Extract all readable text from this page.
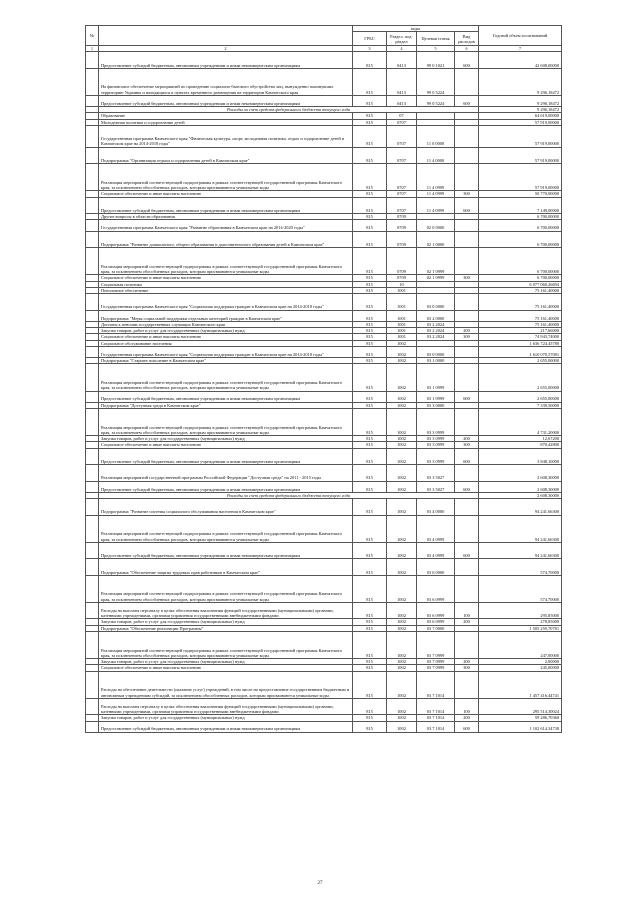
№		коды				Годовой объем ассигнований
		ГРБС	Раздел, под-раздел	Целевая статья	Вид расходов	
1	2	3	4	5	6	7
	Предоставление субсидий бюджетным, автономным учреждениям и иным некоммерческим организациям	815	0413	99 0 1021	600	42 608,00000
	На финансовое обеспечение мероприятий по проведению социально-бытового обустройства лиц, вынужденно покинувших территорию Украины и находящихся в пунктах временного размещения на территории Камчатского края	815	0413	99 0 5224		9 296,18472
	Предоставление субсидий бюджетным, автономным учреждениям и иным некоммерческим организациям	815	0413	99 0 5224	600	9 296,18472
	Расходы за счет средств федерального бюджета текущего года					9 296,18472
	Образование	815	07			64 619,00000
	Молодежная политика и оздоровление детей	815	0707			57 919,00000
	Государственная программа Камчатского края "Физическая культура, спорт, молодежная политика, отдых и оздоровление детей в Камчатском крае на 2014-2018 годы"	815	0707	11 0 0000		57 919,00000
	Подпрограмма "Организация отдыха и оздоровления детей в Камчатском крае"	815	0707	11 4 0000		57 919,00000
	Реализация мероприятий соответствующей подпрограммы в рамках соответствующей государственной программы Камчатского края, за исключением обособленных расходов, которым присваиваются уникальные коды	815	0707	11 4 0999		57 919,00000
	Социальное обеспечение и иные выплаты населению	815	0707	11 4 0999	300	50 770,00000
	Предоставление субсидий бюджетным, автономным учреждениям и иным некоммерческим организациям	815	0707	11 4 0999	600	7 149,00000
	Другие вопросы в области образования	815	0709			6 700,00000
	Государственная программа Камчатского края "Развитие образования в Камчатском крае на 2014-2020 годы"	815	0709	02 0 0000		6 700,00000
	Подпрограмма "Развитие дошкольного, общего образования и дополнительного образования детей в Камчатском крае"	815	0709	02 1 0000		6 700,00000
	Реализация мероприятий соответствующей подпрограммы в рамках соответствующей государственной программы Камчатского края, за исключением обособленных расходов, которым присваиваются уникальные коды	815	0709	02 1 0999		6 700,00000
	Социальное обеспечение и иные выплаты населению	815	0709	02 1 0999	300	6 700,00000
	Социальная политика	815	10			6 077 060,26694
	Пенсионное обеспечение	815	1001			75 161,40000
	Государственная программа Камчатского края "Социальная поддержка граждан в Камчатском крае на 2014-2018 годы"	815	1001	03 0 0000		75 161,40000
	Подпрограмма "Меры социальной поддержки отдельных категорий граждан в Камчатском крае"	815	1001	03 2 0000		75 161,40000
	Доплаты к пенсиям государственных служащих Камчатского края	815	1001	03 2 2024		75 161,40000
	Закупка товаров, работ и услуг для государственных (муниципальных) нужд	815	1001	03 2 2024	200	217,66000
	Социальное обеспечение и иные выплаты населению	815	1001	03 2 2024	300	74 943,74000
	Социальное обслуживание населения	815	1002			1 636 724,45780
	Государственная программа Камчатского края "Социальная поддержка граждан в Камчатском крае на 2014-2018 годы"	815	1002	03 0 0000		1 610 070,57081
	Подпрограмма "Старшее поколение в Камчатском крае"	815	1002	03 1 0000		2 655,00000
	Реализация мероприятий соответствующей подпрограммы в рамках соответствующей государственной программы Камчатского края, за исключением обособленных расходов, которым присваиваются уникальные коды	815	1002	03 1 0999		2 655,00000
	Предоставление субсидий бюджетным, автономным учреждениям и иным некоммерческим организациям	815	1002	03 1 0999	600	2 655,00000
	Подпрограмма "Доступная среда в Камчатском крае"	815	1002	03 3 0000		7 339,50000
	Реализация мероприятий соответствующей подпрограммы в рамках соответствующей государственной программы Камчатского края, за исключением обособленных расходов, которым присваиваются уникальные коды	815	1002	03 3 0999		4 731,20000
	Закупка товаров, работ и услуг для государственных (муниципальных) нужд	815	1002	03 3 0999	200	12,67200
	Социальное обеспечение и иные выплаты населению	815	1002	03 3 0999	300	870,42800
	Предоставление субсидий бюджетным, автономным учреждениям и иным некоммерческим организациям	815	1002	03 3 0999	600	3 848,10000
	Реализация мероприятий государственной программы Российской Федерации "Доступная среда" на 2011 - 2015 годы	815	1002	03 3 5027		2 608,30000
	Предоставление субсидий бюджетным, автономным учреждениям и иным некоммерческим организациям	815	1002	03 3 5027	600	2 608,30000
	Расходы за счет средств федерального бюджета текущего года					2 608,30000
	Подпрограмма "Развитие системы социального обслуживания населения в Камчатском крае"	815	1002	03 4 0000		94 241,66300
	Реализация мероприятий соответствующей подпрограммы в рамках соответствующей государственной программы Камчатского края, за исключением обособленных расходов, которым присваиваются уникальные коды	815	1002	03 4 0999		94 241,66300
	Предоставление субсидий бюджетным, автономным учреждениям и иным некоммерческим организациям	815	1002	03 4 0999	600	94 241,66300
	Подпрограмма "Обеспечение защиты трудовых прав работников в Камчатском крае"	815	1002	03 6 0000		574,70000
	Реализация мероприятий соответствующей подпрограммы в рамках соответствующей государственной программы Камчатского края, за исключением обособленных расходов, которым присваиваются уникальные коды	815	1002	03 6 0999		574,70000
	Расходы на выплаты персоналу в целях обеспечения выполнения функций государственными (муниципальными) органами, казенными учреждениями, органами управления государственными внебюджетными фондами	815	1002	03 6 0999	100	295,85000
	Закупка товаров, работ и услуг для государственных (муниципальных) нужд	815	1002	03 6 0999	200	278,85000
	Подпрограмма "Обеспечение реализации Программы"	815	1002	03 7 0000		1 505 259,70781
	Реализация мероприятий соответствующей подпрограммы в рамках соответствующей государственной программы Камчатского края, за исключением обособленных расходов, которым присваиваются уникальные коды	815	1002	03 7 0999		247,00000
	Закупка товаров, работ и услуг для государственных (муниципальных) нужд	815	1002	03 7 0999	200	2,00000
	Социальное обеспечение и иные выплаты населению	815	1002	03 7 0999	300	245,00000
	Расходы на обеспечение деятельности (оказание услуг) учреждений, в том числе на предоставление государственным бюджетным и автономным учреждениям субсидий, за исключением обособленных расходов, которым присваиваются уникальные коды	815	1002	03 7 1014		1 457 416,44741
	Расходы на выплаты персоналу в целях обеспечения выполнения функций государственными (муниципальными) органами, казенными учреждениями, органами управления государственными внебюджетными фондами	815	1002	03 7 1014	100	295 514,30024
	Закупка товаров, работ и услуг для государственных (муниципальных) нужд	815	1002	03 7 1014	200	59 286,70360
	Предоставление субсидий бюджетным, автономным учреждениям и иным некоммерческим организациям	815	1002	03 7 1014	600	1 102 614,34738
27
